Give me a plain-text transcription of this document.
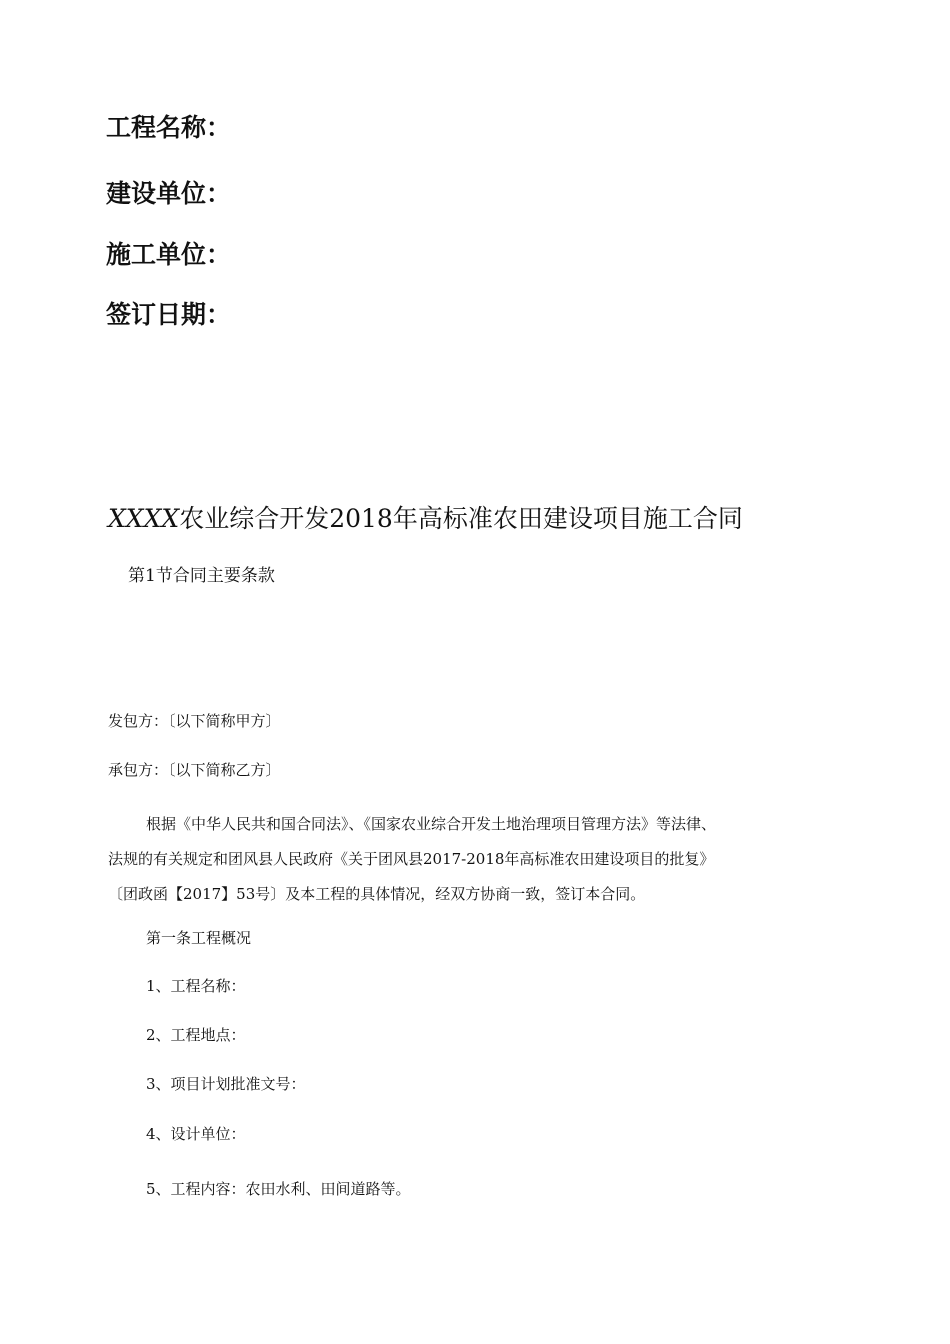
工程名称：
建设单位：
施工单位：
签订日期：
XXXX农业综合开发2018年高标准农田建设项目施工合同
第1节合同主要条款
发包方：〔以下简称甲方〕
承包方：〔以下简称乙方〕

根据《中华人民共和国合同法》、《国家农业综合开发土地治理项目管理方法》等法律、
法规的有关规定和团风县人民政府《关于团风县2017-2018年高标准农田建设项目的批复》
〔团政函【2017】53号〕及本工程的具体情况，经双方协商一致，签订本合同。

第一条工程概况
1、工程名称：
2、工程地点：
3、项目计划批准文号：
4、设计单位：
5、工程内容：农田水利、田间道路等。
